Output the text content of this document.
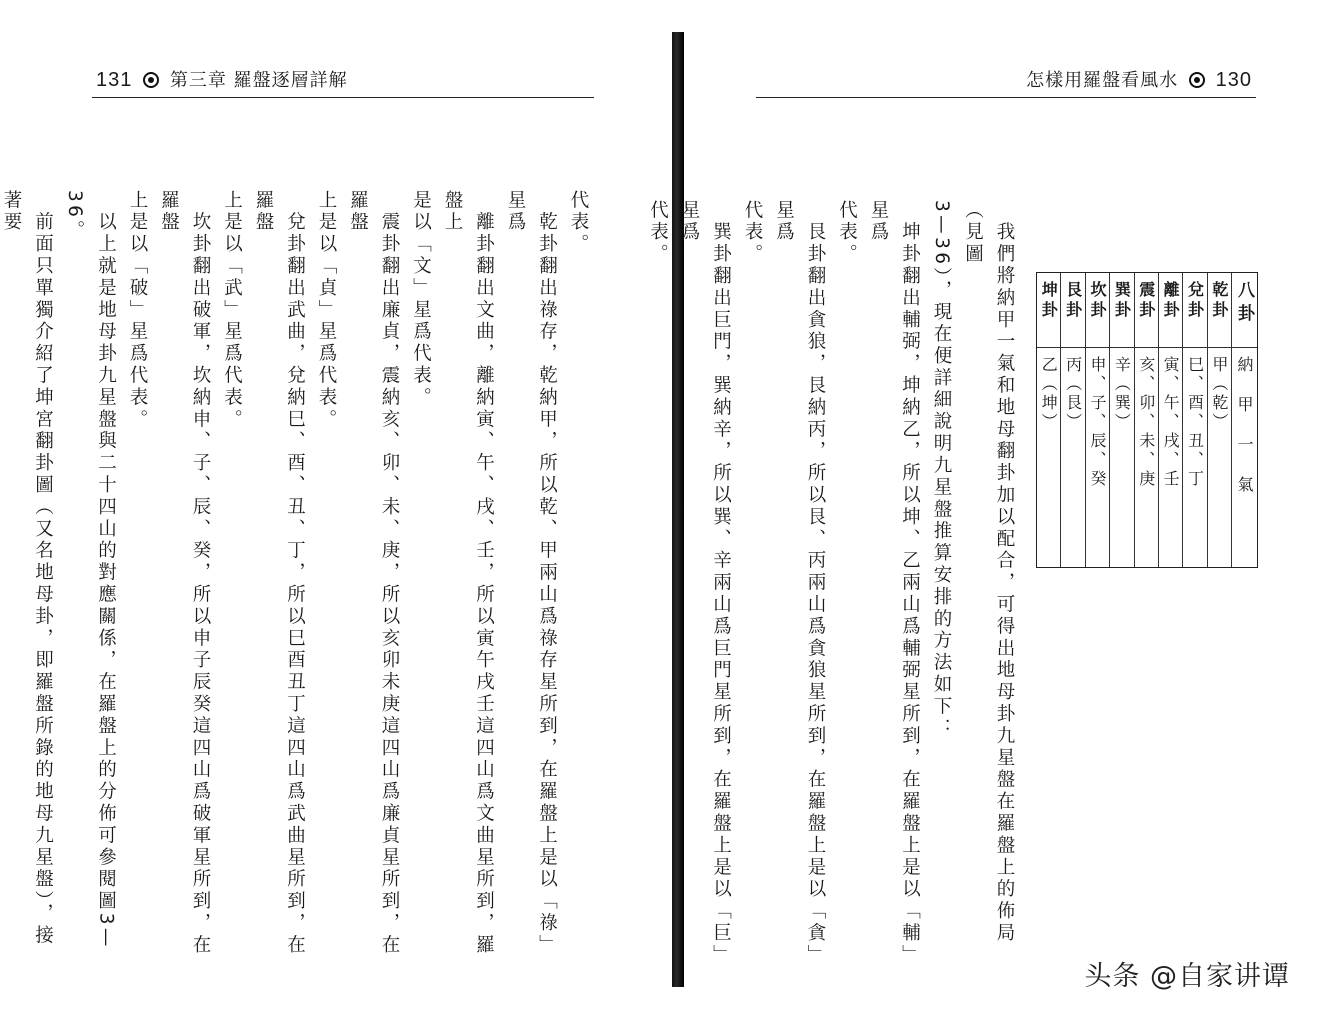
131 第三章 羅盤逐層詳解
代表。
　乾卦翻出祿存，乾納甲，所以乾、甲兩山爲祿存星所到，在羅盤上是以「祿」星爲
　離卦翻出文曲，離納寅、午、戌、壬，所以寅午戌壬這四山爲文曲星所到，羅盤上
是以「文」星爲代表。
　震卦翻出廉貞，震納亥、卯、未、庚，所以亥卯未庚這四山爲廉貞星所到，在羅盤
上是以「貞」星爲代表。
　兌卦翻出武曲，兌納巳、酉、丑、丁，所以巳酉丑丁這四山爲武曲星所到，在羅盤
上是以「武」星爲代表。
　坎卦翻出破軍，坎納申、子、辰、癸，所以申子辰癸這四山爲破軍星所到，在羅盤
上是以「破」星爲代表。
　以上就是地母卦九星盤與二十四山的對應關係，在羅盤上的分佈可參閱圖3—36。
　前面只單獨介紹了坤宮翻卦圖（又名地母卦，即羅盤所錄的地母九星盤），接著要
怎樣用羅盤看風水 130
　我們將納甲一氣和地母翻卦加以配合，可得出地母卦九星盤在羅盤上的佈局（見圖
3—36），現在便詳細說明九星盤推算安排的方法如下：
　坤卦翻出輔弼，坤納乙，所以坤、乙兩山爲輔弼星所到，在羅盤上是以「輔」星爲
代表。
　艮卦翻出貪狼，艮納丙，所以艮、丙兩山爲貪狼星所到，在羅盤上是以「貪」星爲
代表。
　巽卦翻出巨門，巽納辛，所以巽、辛兩山爲巨門星所到，在羅盤上是以「巨」星爲
代表。
八卦
納甲一氣
乾卦
甲（乾）
兌卦
巳、酉、丑、丁
離卦
寅、午、戌、壬
震卦
亥、卯、未、庚
巽卦
辛（巽）
坎卦
申、子、辰、癸
艮卦
丙（艮）
坤卦
乙（坤）
头条 @自家讲谭
